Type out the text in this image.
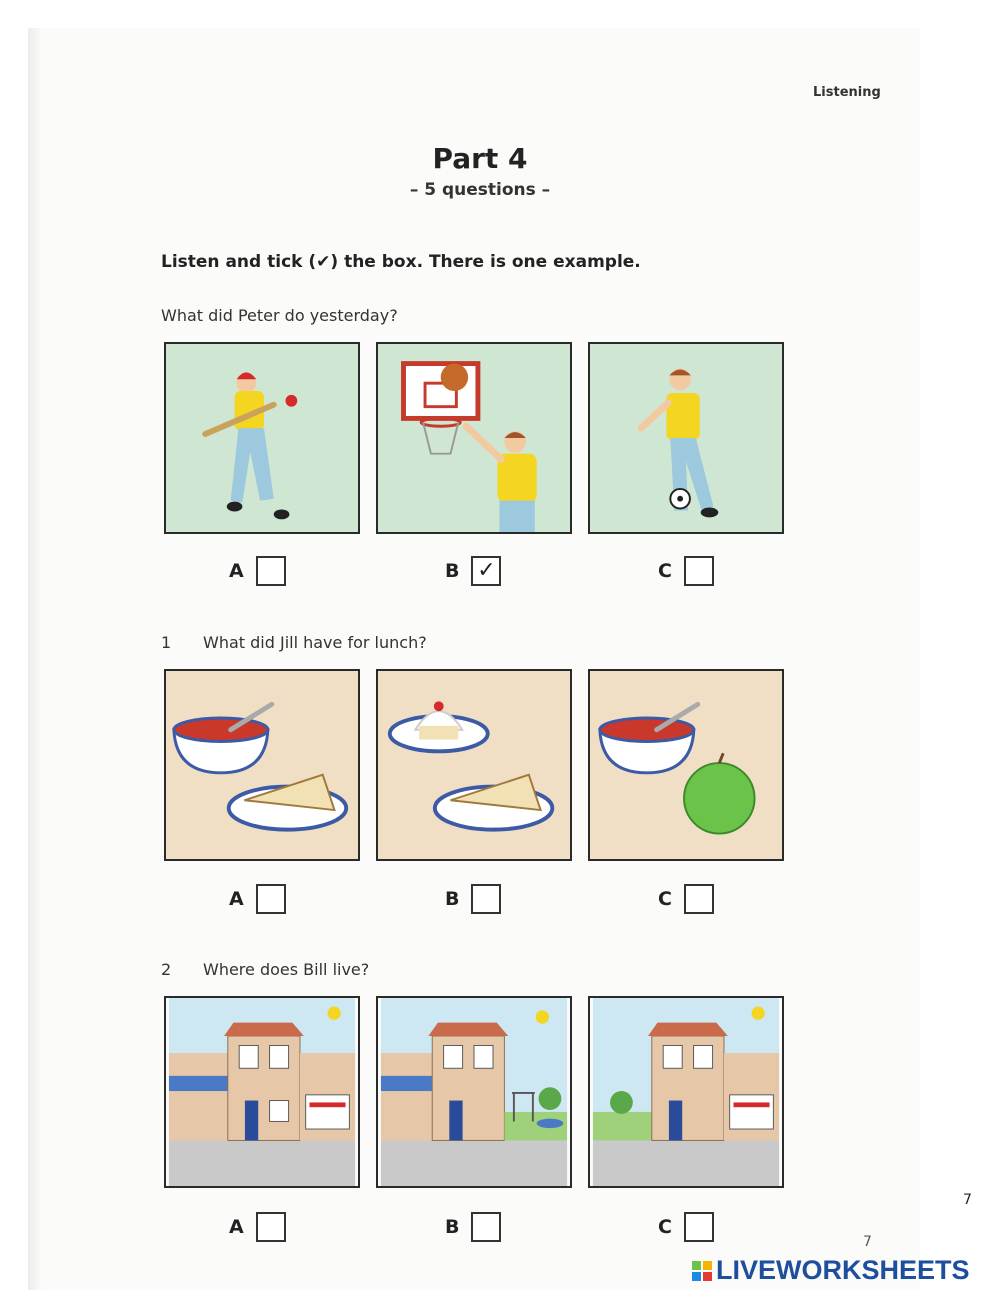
Listening
Part 4
– 5 questions –
Listen and tick (✔) the box. There is one example.
What did Peter do yesterday?
A	B ✓	C
1 What did Jill have for lunch?
A	B	C
2 Where does Bill live?
A	B	C
7
7
LIVEWORKSHEETS
